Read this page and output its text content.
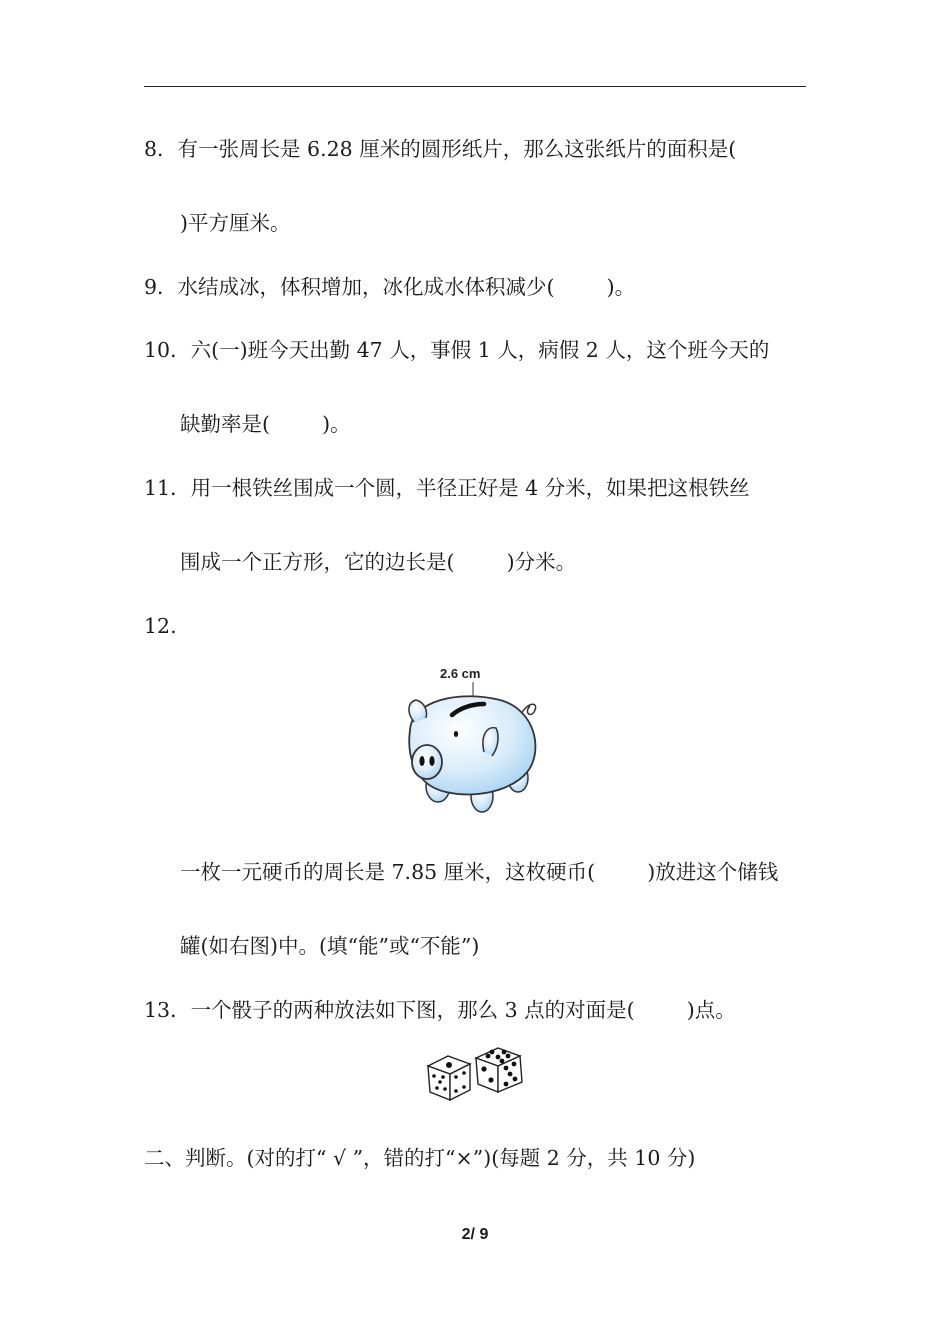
8．有一张周长是 6.28 厘米的圆形纸片，那么这张纸片的面积是(
)平方厘米。
9．水结成冰，体积增加，冰化成水体积减少(        )。
10．六(一)班今天出勤 47 人，事假 1 人，病假 2 人，这个班今天的
缺勤率是(        )。
11．用一根铁丝围成一个圆，半径正好是 4 分米，如果把这根铁丝
围成一个正方形，它的边长是(        )分米。
12.
2.6 cm
一枚一元硬币的周长是 7.85 厘米，这枚硬币(        )放进这个储钱
罐(如右图)中。(填“能”或“不能”)
13．一个骰子的两种放法如下图，那么 3 点的对面是(        )点。
二、判断。(对的打“ √ ”，错的打“×”)(每题 2 分，共 10 分)
2/ 9
